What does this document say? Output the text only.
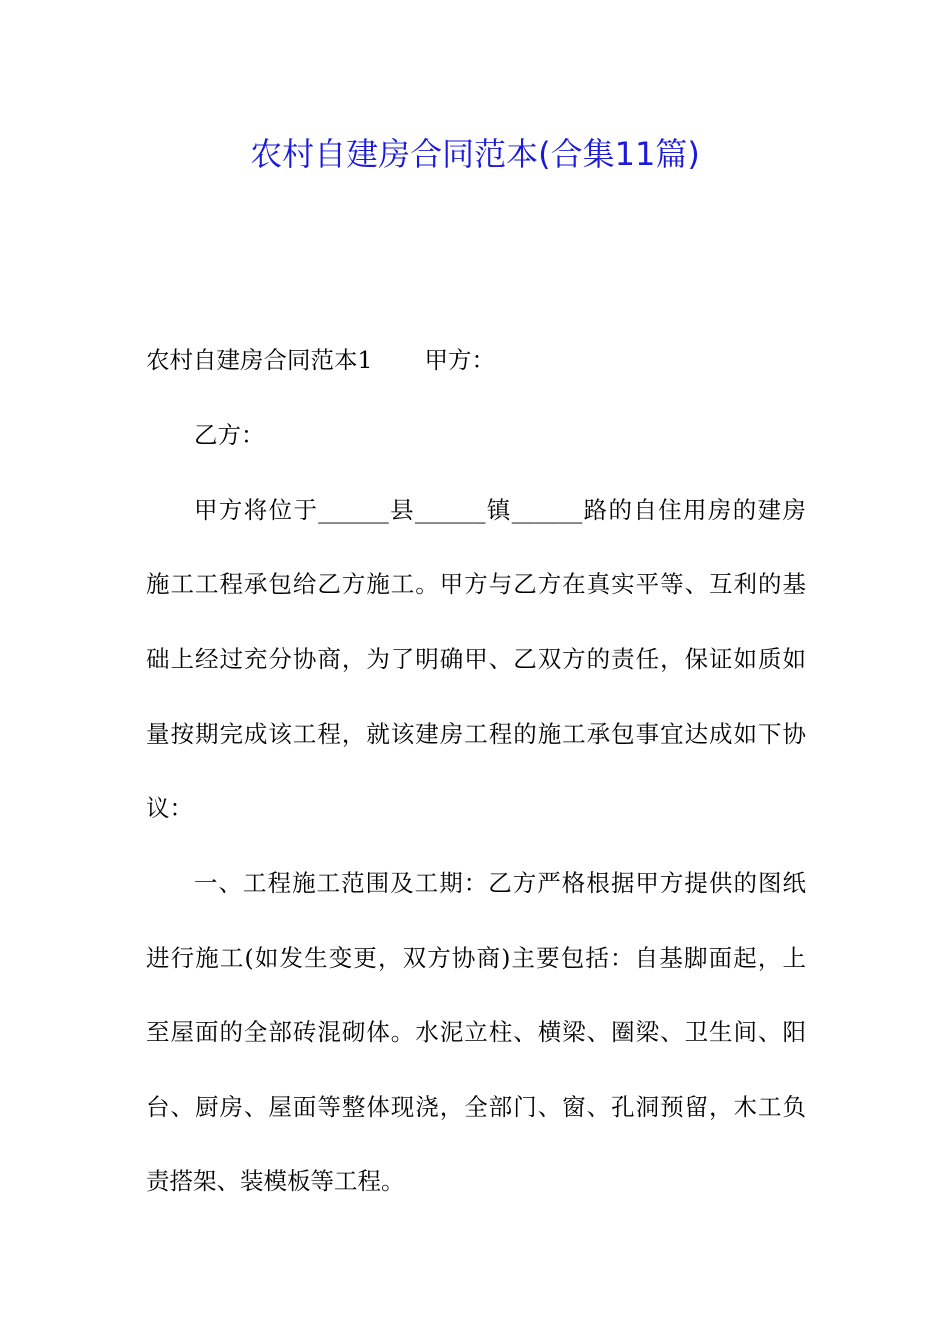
农村自建房合同范本(合集11篇)

农村自建房合同范本1 甲方：

乙方：

甲方将位于______县______镇______路的自住用房的建房

施工工程承包给乙方施工。甲方与乙方在真实平等、互利的基

础上经过充分协商，为了明确甲、乙双方的责任，保证如质如

量按期完成该工程，就该建房工程的施工承包事宜达成如下协

议：

一、工程施工范围及工期：乙方严格根据甲方提供的图纸

进行施工(如发生变更，双方协商)主要包括：自基脚面起，上

至屋面的全部砖混砌体。水泥立柱、横梁、圈梁、卫生间、阳

台、厨房、屋面等整体现浇，全部门、窗、孔洞预留，木工负

责搭架、装模板等工程。
